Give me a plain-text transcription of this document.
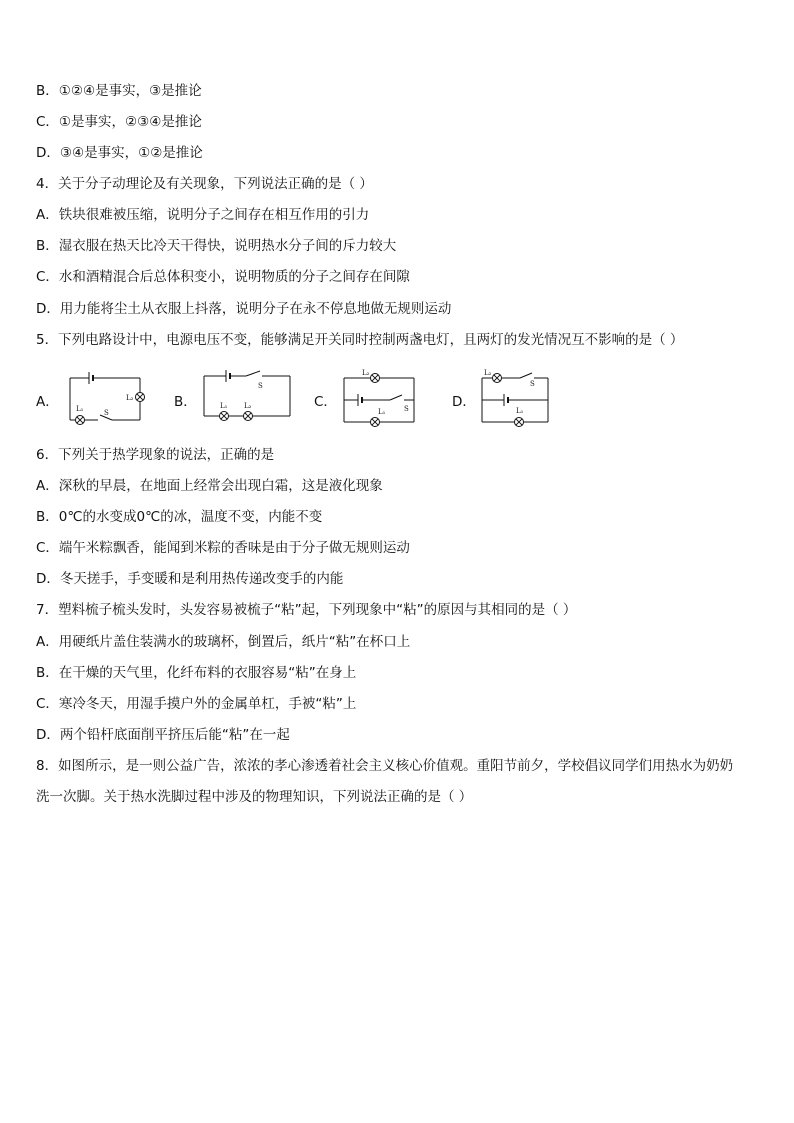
B．①②④是事实，③是推论
C．①是事实，②③④是推论
D．③④是事实，①②是推论
4．关于分子动理论及有关现象，下列说法正确的是（ ）
A．铁块很难被压缩，说明分子之间存在相互作用的引力
B．湿衣服在热天比冷天干得快，说明热水分子间的斥力较大
C．水和酒精混合后总体积变小，说明物质的分子之间存在间隙
D．用力能将尘土从衣服上抖落，说明分子在永不停息地做无规则运动
5．下列电路设计中，电源电压不变，能够满足开关同时控制两盏电灯，且两灯的发光情况互不影响的是（ ）
A． L₁
L₂
S
B．	L₁ L₂
S
C．
L₂
L₁	S	D．
L₂
L₁
S
6．下列关于热学现象的说法，正确的是
A．深秋的早晨，在地面上经常会出现白霜，这是液化现象
B．0℃的水变成0℃的冰，温度不变，内能不变
C．端午米粽飘香，能闻到米粽的香味是由于分子做无规则运动
D．冬天搓手，手变暖和是利用热传递改变手的内能
7．塑料梳子梳头发时，头发容易被梳子“粘”起，下列现象中“粘”的原因与其相同的是（ ）
A．用硬纸片盖住装满水的玻璃杯，倒置后，纸片“粘”在杯口上
B．在干燥的天气里，化纤布料的衣服容易“粘”在身上
C．寒冷冬天，用湿手摸户外的金属单杠，手被“粘”上
D．两个铅杆底面削平挤压后能“粘”在一起
8．如图所示，是一则公益广告，浓浓的孝心渗透着社会主义核心价值观。重阳节前夕，学校倡议同学们用热水为奶奶
洗一次脚。关于热水洗脚过程中涉及的物理知识，下列说法正确的是（ ）
